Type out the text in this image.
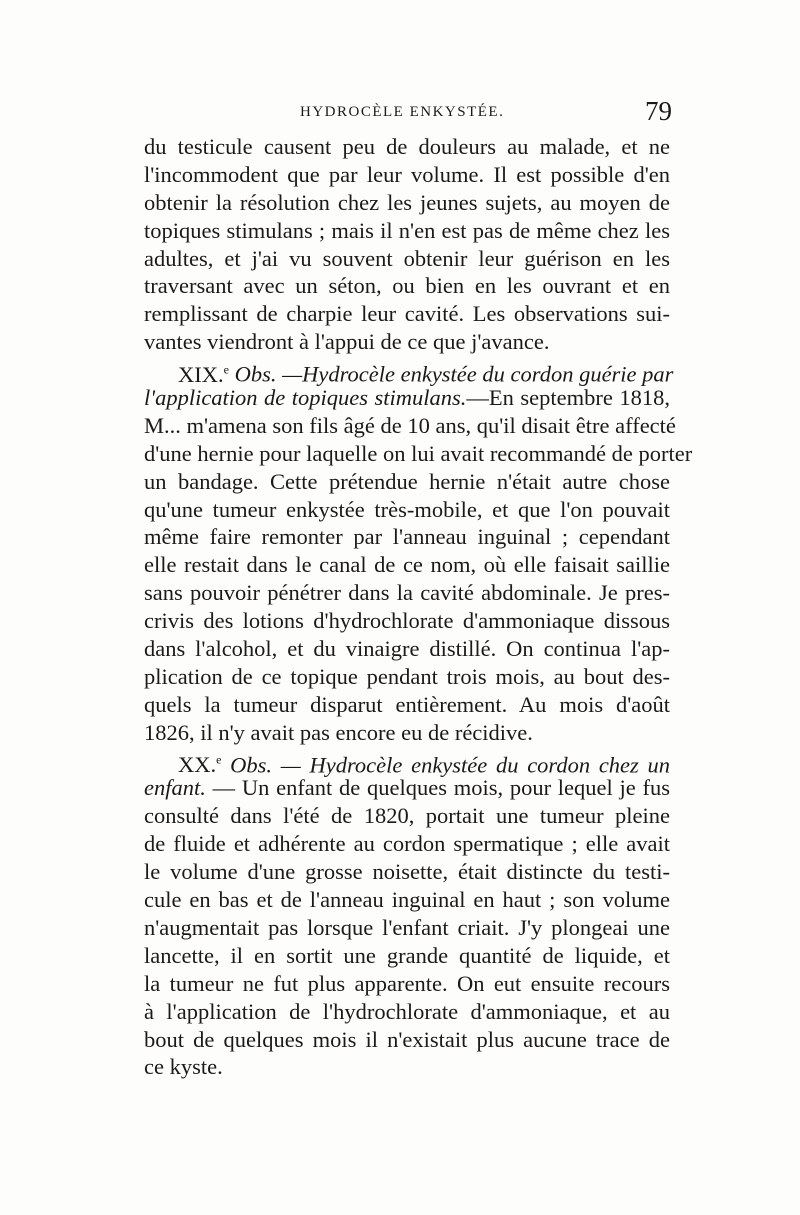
HYDROCÈLE ENKYSTÉE.	79
du testicule causent peu de douleurs au malade, et ne
l'incommodent que par leur volume. Il est possible d'en
obtenir la résolution chez les jeunes sujets, au moyen de
topiques stimulans ; mais il n'en est pas de même chez les
adultes, et j'ai vu souvent obtenir leur guérison en les
traversant avec un séton, ou bien en les ouvrant et en
remplissant de charpie leur cavité. Les observations sui-
vantes viendront à l'appui de ce que j'avance.
XIX.$^e$ Obs. —Hydrocèle enkystée du cordon guérie par
l'application de topiques stimulans.—En septembre 1818,
M... m'amena son fils âgé de 10 ans, qu'il disait être affecté
d'une hernie pour laquelle on lui avait recommandé de porter
un bandage. Cette prétendue hernie n'était autre chose
qu'une tumeur enkystée très-mobile, et que l'on pouvait
même faire remonter par l'anneau inguinal ; cependant
elle restait dans le canal de ce nom, où elle faisait saillie
sans pouvoir pénétrer dans la cavité abdominale. Je pres-
crivis des lotions d'hydrochlorate d'ammoniaque dissous
dans l'alcohol, et du vinaigre distillé. On continua l'ap-
plication de ce topique pendant trois mois, au bout des-
quels la tumeur disparut entièrement. Au mois d'août
1826, il n'y avait pas encore eu de récidive.
XX.$^e$ Obs. — Hydrocèle enkystée du cordon chez un
enfant. — Un enfant de quelques mois, pour lequel je fus
consulté dans l'été de 1820, portait une tumeur pleine
de fluide et adhérente au cordon spermatique ; elle avait
le volume d'une grosse noisette, était distincte du testi-
cule en bas et de l'anneau inguinal en haut ; son volume
n'augmentait pas lorsque l'enfant criait. J'y plongeai une
lancette, il en sortit une grande quantité de liquide, et
la tumeur ne fut plus apparente. On eut ensuite recours
à l'application de l'hydrochlorate d'ammoniaque, et au
bout de quelques mois il n'existait plus aucune trace de
ce kyste.
